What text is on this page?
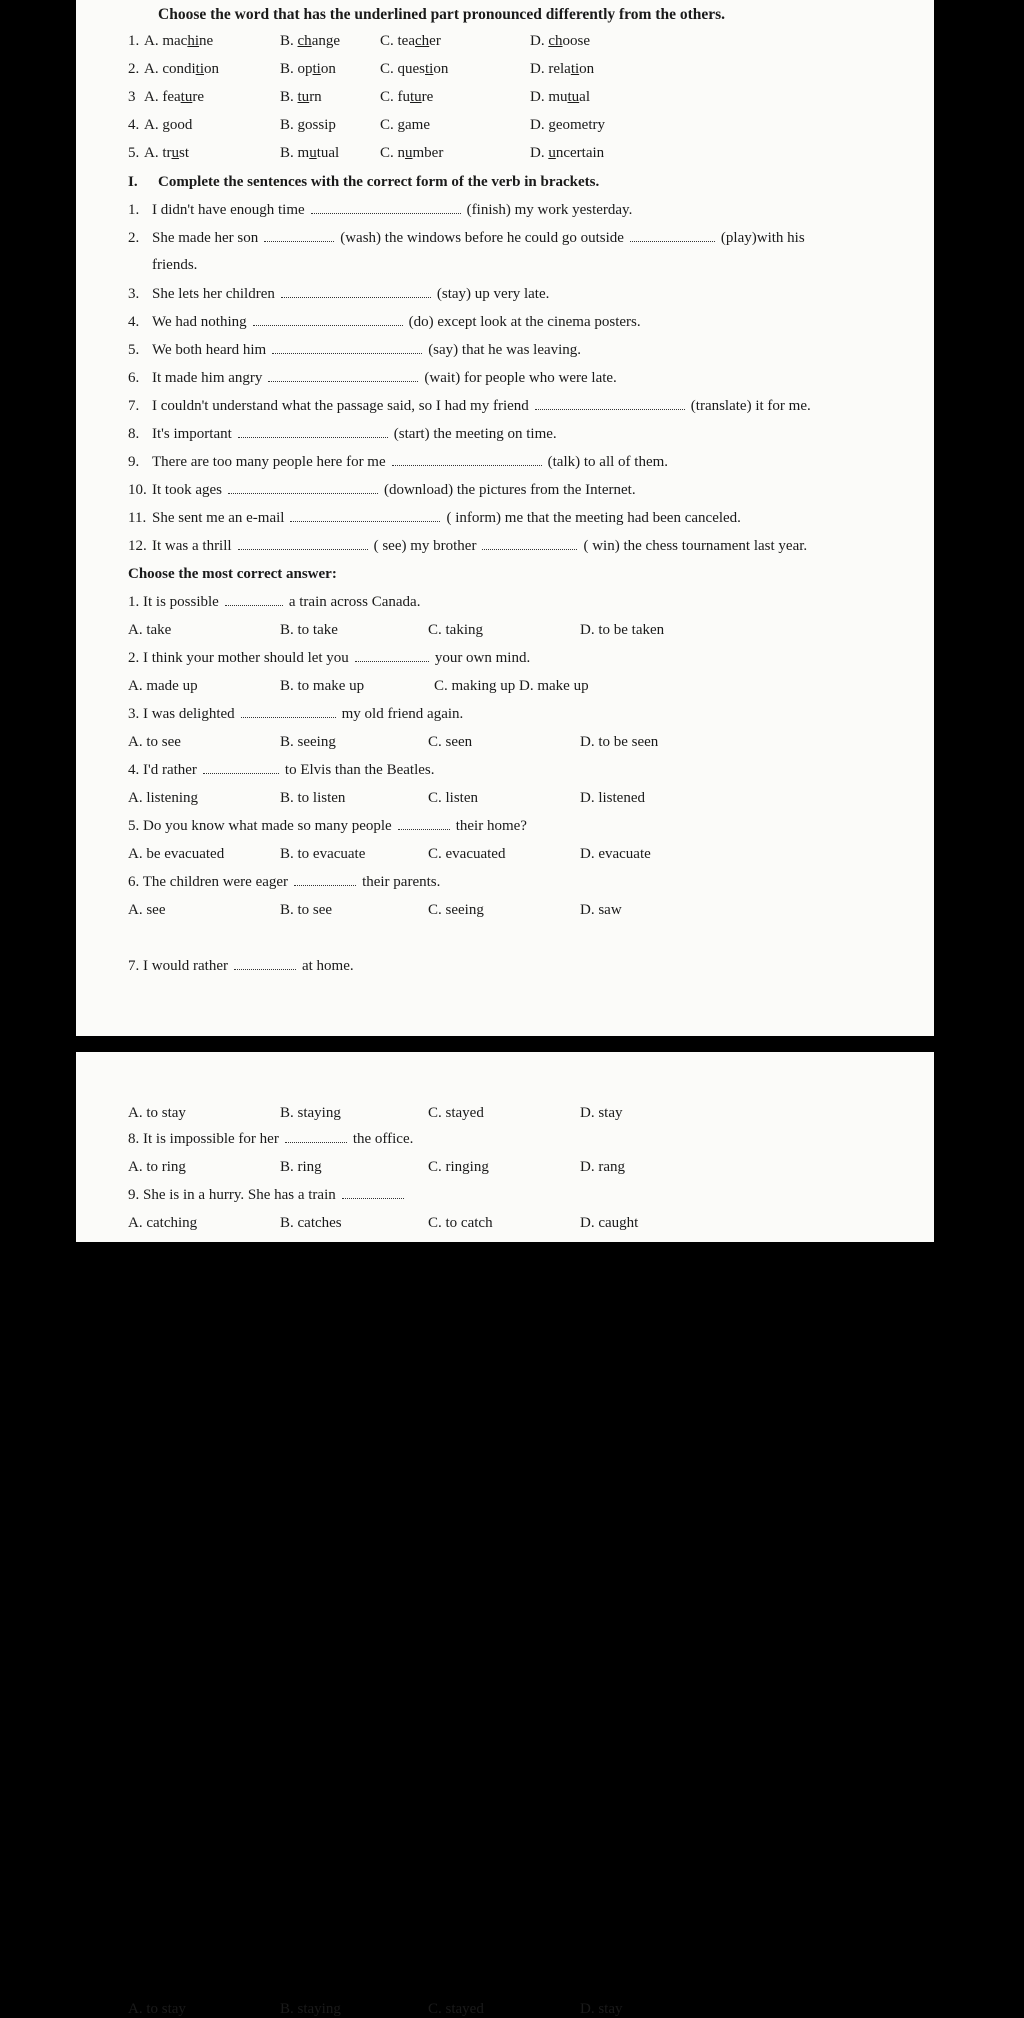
Choose the word that has the underlined part pronounced differently from the others.
1. A. machine	B. change	C. teacher	D. choose
2. A. condition	B. option	C. question	D. relation
3 A. feature	B. turn	C. future	D. mutual
4. A. good	B. gossip	C. game	D. geometry
5. A. trust	B. mutual	C. number	D. uncertain
I. Complete the sentences with the correct form of the verb in brackets.
1. I didn't have enough time	(finish) my work yesterday.
2. She made her son	(wash) the windows before he could go outside	(play)with his
friends.
3. She lets her children	(stay) up very late.
4. We had nothing	(do) except look at the cinema posters.
5. We both heard him	(say) that he was leaving.
6. It made him angry	(wait) for people who were late.
7. I couldn't understand what the passage said, so I had my friend	(translate) it for me.
8. It's important	(start) the meeting on time.
9. There are too many people here for me	(talk) to all of them.
10. It took ages	(download) the pictures from the Internet.
11. She sent me an e-mail	( inform) me that the meeting had been canceled.
12. It was a thrill	( see) my brother	( win) the chess tournament last year.
Choose the most correct answer:
1. It is possible	a train across Canada.
A. take	B. to take	C. taking	D. to be taken
2. I think your mother should let you	your own mind.
A. made up	B. to make up	C. making up D. make up
3. I was delighted	my old friend again.
A. to see	B. seeing	C. seen	D. to be seen
4. I'd rather	to Elvis than the Beatles.
A. listening	B. to listen	C. listen	D. listened
5. Do you know what made so many people	their home?
A. be evacuated	B. to evacuate	C. evacuated	D. evacuate
6. The children were eager	their parents.
A. see	B. to see	C. seeing	D. saw
7. I would rather	at home.
A. to stay	B. staying	C. stayed	D. stay
A. to stay	B. staying	C. stayed	D. stay
8. It is impossible for her	the office.
A. to ring	B. ring	C. ringing	D. rang
9. She is in a hurry. She has a train
A. catching	B. catches	C. to catch	D. caught
